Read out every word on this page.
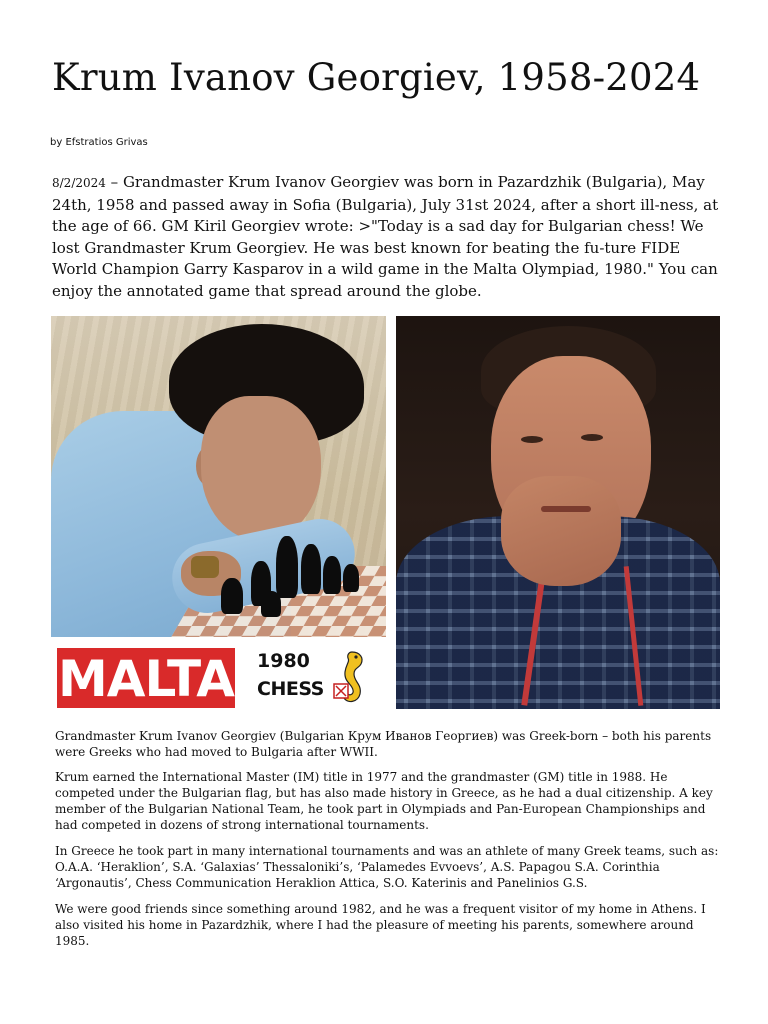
Krum Ivanov Georgiev, 1958-2024
by Efstratios Grivas

8/2/2024 – Grandmaster Krum Ivanov Georgiev was born in Pazardzhik (Bulgaria), May 24th, 1958 and passed away in Sofia (Bulgaria), July 31st 2024, after a short ill-ness, at the age of 66. GM Kiril Georgiev wrote: >"Today is a sad day for Bulgarian chess! We lost Grandmaster Krum Georgiev. He was best known for beating the fu-ture FIDE World Champion Garry Kasparov in a wild game in the Malta Olympiad, 1980." You can enjoy the annotated game that spread around the globe.

MALTA 1980
CHESS

Grandmaster Krum Ivanov Georgiev (Bulgarian Крум Иванов Георгиев) was Greek-born – both his parents were Greeks who had moved to Bulgaria after WWII.

Krum earned the International Master (IM) title in 1977 and the grandmaster (GM) title in 1988. He competed under the Bulgarian flag, but has also made history in Greece, as he had a dual citizenship. A key member of the Bulgarian National Team, he took part in Olympiads and Pan-European Championships and had competed in dozens of strong international tournaments.

In Greece he took part in many international tournaments and was an athlete of many Greek teams, such as: O.A.A. ‘Heraklion’, S.A. ‘Galaxias’ Thessaloniki’s, ‘Palamedes Evvoevs’, A.S. Papagou S.A. Corinthia ‘Argonautis’, Chess Communication Heraklion Attica, S.O. Katerinis and Panelinios G.S.

We were good friends since something around 1982, and he was a frequent visitor of my home in Athens. I also visited his home in Pazardzhik, where I had the pleasure of meeting his parents, somewhere around 1985.
